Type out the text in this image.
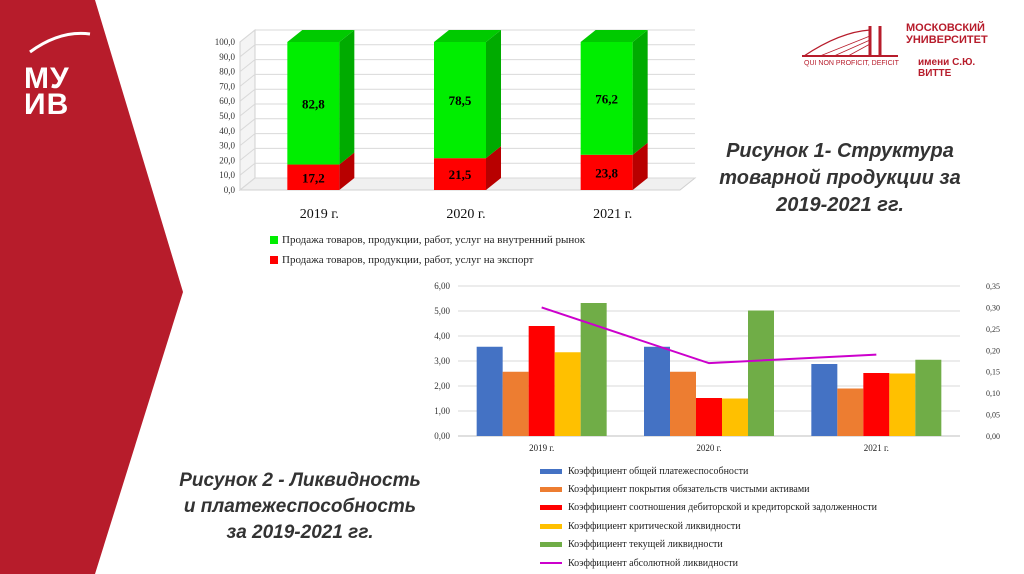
МУ
ИВ
МОСКОВСКИЙ
УНИВЕРСИТЕТ
QUI NON PROFICIT, DEFICIT имени С.Ю. ВИТТЕ
0,0
10,0
20,0
30,0
40,0
50,0
60,0
70,0
80,0
90,0
100,0
17,2
82,8
2019 г.
21,5
78,5
2020 г.
23,8
76,2
2021 г.
Продажа товаров, продукции, работ, услуг на внутренний рынок
Продажа товаров, продукции, работ, услуг на экспорт
Рисунок 1- Структура
товарной продукции за
2019-2021 гг.
0,00
1,00
2,00
3,00
4,00
5,00
6,00
0,00
0,05
0,10
0,15
0,20
0,25
0,30
0,35
2019 г.	2020 г.	2021 г.
Коэффициент общей платежеспособности
Коэффициент покрытия обязательств чистыми активами
Коэффициент соотношения дебиторской и кредиторской задолженности
Коэффициент критической ликвидности
Коэффициент текущей ликвидности
Коэффициент абсолютной ликвидности
Рисунок 2 - Ликвидность
и платежеспособность
за 2019-2021 гг.
